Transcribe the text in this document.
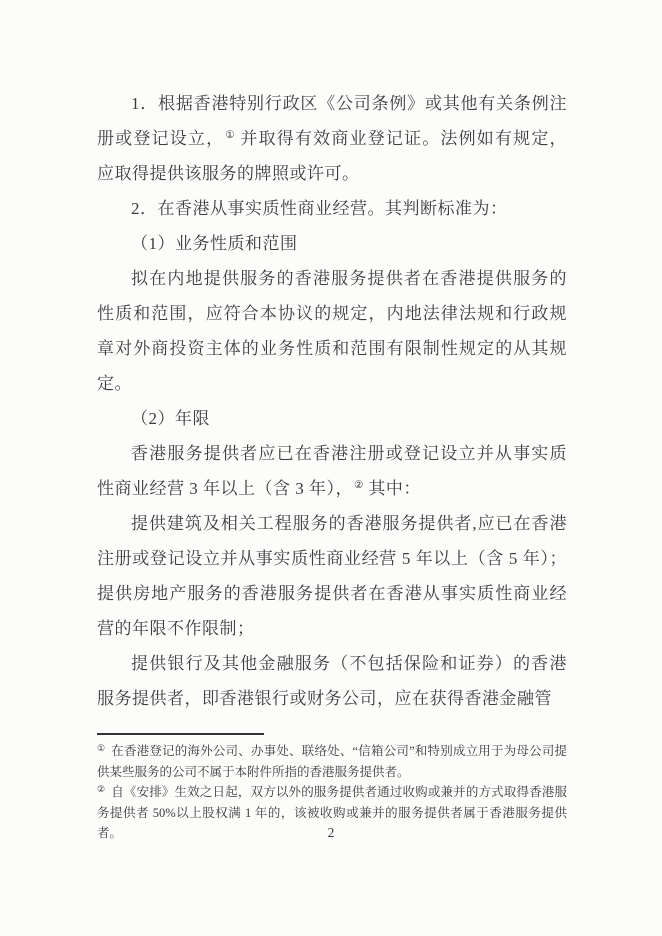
1．根据香港特别行政区《公司条例》或其他有关条例注册或登记设立，① 并取得有效商业登记证。法例如有规定，应取得提供该服务的牌照或许可。

2．在香港从事实质性商业经营。其判断标准为：

（1）业务性质和范围

拟在内地提供服务的香港服务提供者在香港提供服务的性质和范围，应符合本协议的规定，内地法律法规和行政规章对外商投资主体的业务性质和范围有限制性规定的从其规定。

（2）年限

香港服务提供者应已在香港注册或登记设立并从事实质性商业经营 3 年以上（含 3 年），② 其中：

提供建筑及相关工程服务的香港服务提供者,应已在香港注册或登记设立并从事实质性商业经营 5 年以上（含 5 年）；提供房地产服务的香港服务提供者在香港从事实质性商业经营的年限不作限制；

提供银行及其他金融服务（不包括保险和证券）的香港服务提供者，即香港银行或财务公司，应在获得香港金融管

① 在香港登记的海外公司、办事处、联络处、“信箱公司”和特别成立用于为母公司提供某些服务的公司不属于本附件所指的香港服务提供者。

② 自《安排》生效之日起，双方以外的服务提供者通过收购或兼并的方式取得香港服务提供者 50%以上股权满 1 年的，该被收购或兼并的服务提供者属于香港服务提供者。	2
